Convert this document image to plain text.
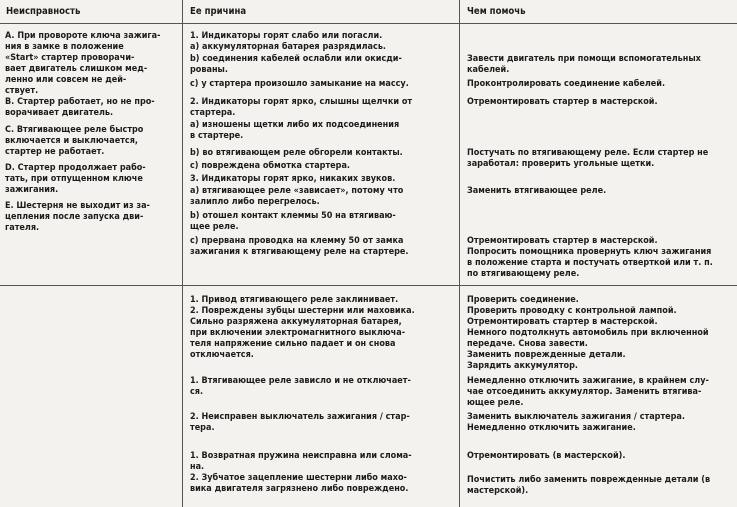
Неисправность	Ее причина	Чем помочь

A. При провороте ключа зажига-
ния в замке в положение
«Start» стартер проворачи-
вает двигатель слишком мед-
ленно или совсем не дей-
ствует.

B. Стартер работает, но не про-
ворачивает двигатель.

C. Втягивающее реле быстро
включается и выключается,
стартер не работает.

D. Стартер продолжает рабо-
тать, при отпущенном ключе
зажигания.

E. Шестерня не выходит из за-
цепления после запуска дви-
гателя.

1. Индикаторы горят слабо или погасли.

a) аккумуляторная батарея разрядилась.

b) соединения кабелей ослабли или окисди-
рованы.

c) у стартера произошло замыкание на массу.

2. Индикаторы горят ярко, слышны щелчки от
стартера.

a) изношены щетки либо их подсоединения
в стартере.

b) во втягивающем реле обгорели контакты.

c) повреждена обмотка стартера.

3. Индикаторы горят ярко, никаких звуков.

a) втягивающее реле «зависает», потому что
залипло либо перегрелось.

b) отошел контакт клеммы 50 на втягиваю-
щее реле.

c) прервана проводка на клемму 50 от замка
зажигания к втягивающему реле на стартере.

Завести двигатель при помощи вспомогательных
кабелей.

Проконтролировать соединение кабелей.

Отремонтировать стартер в мастерской.

Постучать по втягивающему реле. Если стартер не
заработал: проверить угольные щетки.

Заменить втягивающее реле.

Отремонтировать стартер в мастерской.
Попросить помощника провернуть ключ зажигания
в положение старта и постучать отверткой или т. п.
по втягивающему реле.

1. Привод втягивающего реле заклинивает.
2. Повреждены зубцы шестерни или маховика.
Сильно разряжена аккумуляторная батарея,
при включении электромагнитного выключа-
теля напряжение сильно падает и он снова
отключается.

1. Втягивающее реле зависло и не отключает-
ся.

2. Неисправен выключатель зажигания / стар-
тера.

1. Возвратная пружина неисправна или слома-
на.
2. Зубчатое зацепление шестерни либо махо-
вика двигателя загрязнено либо повреждено.

Проверить соединение.
Проверить проводку с контрольной лампой.
Отремонтировать стартер в мастерской.
Немного подтолкнуть автомобиль при включенной
передаче. Снова завести.
Заменить поврежденные детали.
Зарядить аккумулятор.

Немедленно отключить зажигание, в крайнем слу-
чае отсоединить аккумулятор. Заменить втягива-
ющее реле.

Заменить выключатель зажигания / стартера.
Немедленно отключить зажигание.

Отремонтировать (в мастерской).

Почистить либо заменить поврежденные детали (в
мастерской).
